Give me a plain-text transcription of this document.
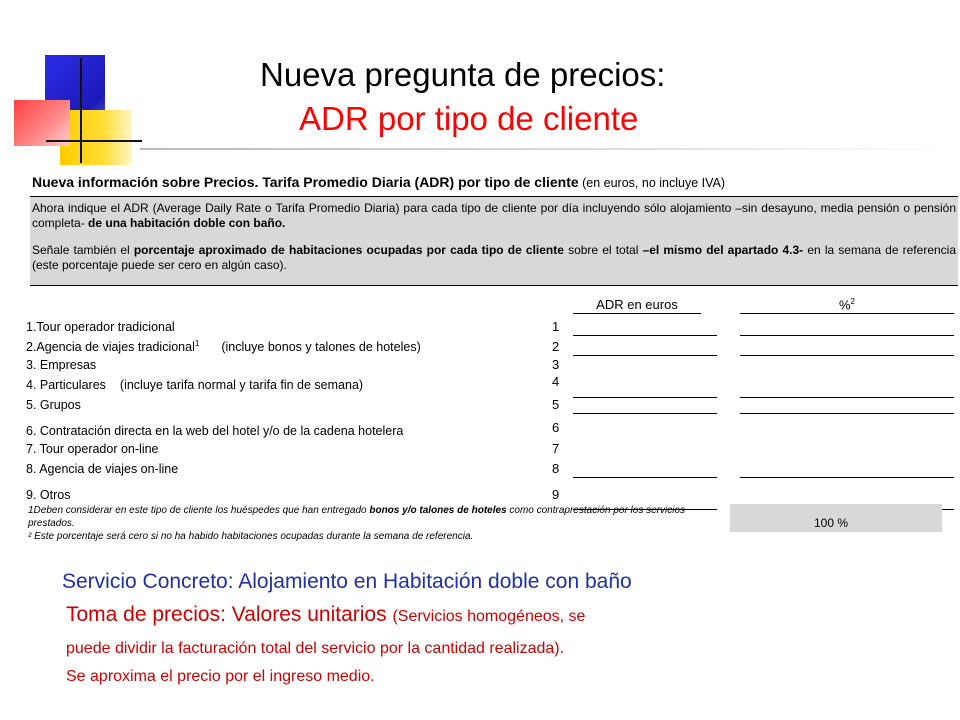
Nueva pregunta de precios:
ADR por tipo de cliente
Nueva información sobre Precios. Tarifa Promedio Diaria (ADR) por tipo de cliente (en euros, no incluye IVA)

Ahora indique el ADR (Average Daily Rate o Tarifa Promedio Diaria) para cada tipo de cliente por día incluyendo sólo alojamiento –sin desayuno, media pensión o pensión completa- de una habitación doble con baño.

Señale también el porcentaje aproximado de habitaciones ocupadas por cada tipo de cliente sobre el total –el mismo del apartado 4.3- en la semana de referencia (este porcentaje puede ser cero en algún caso).

ADR en euros	%$^2$
1.Tour operador tradicional	1
2.Agencia de viajes tradicional$^1$ (incluye bonos y talones de hoteles)	2
3. Empresas	3
4. Particulares (incluye tarifa normal y tarifa fin de semana)	4
5. Grupos	5
6. Contratación directa en la web del hotel y/o de la cadena hotelera	6
7. Tour operador on-line	7
8. Agencia de viajes on-line	8
9. Otros	9
100 %
1Deben considerar en este tipo de cliente los huéspedes que han entregado bonos y/o talones de hoteles como contraprestación por los servicios prestados.
² Este porcentaje será cero si no ha habido habitaciones ocupadas durante la semana de referencia.
Servicio Concreto: Alojamiento en Habitación doble con baño
Toma de precios: Valores unitarios (Servicios homogéneos, se
puede dividir la facturación total del servicio por la cantidad realizada).
Se aproxima el precio por el ingreso medio.
